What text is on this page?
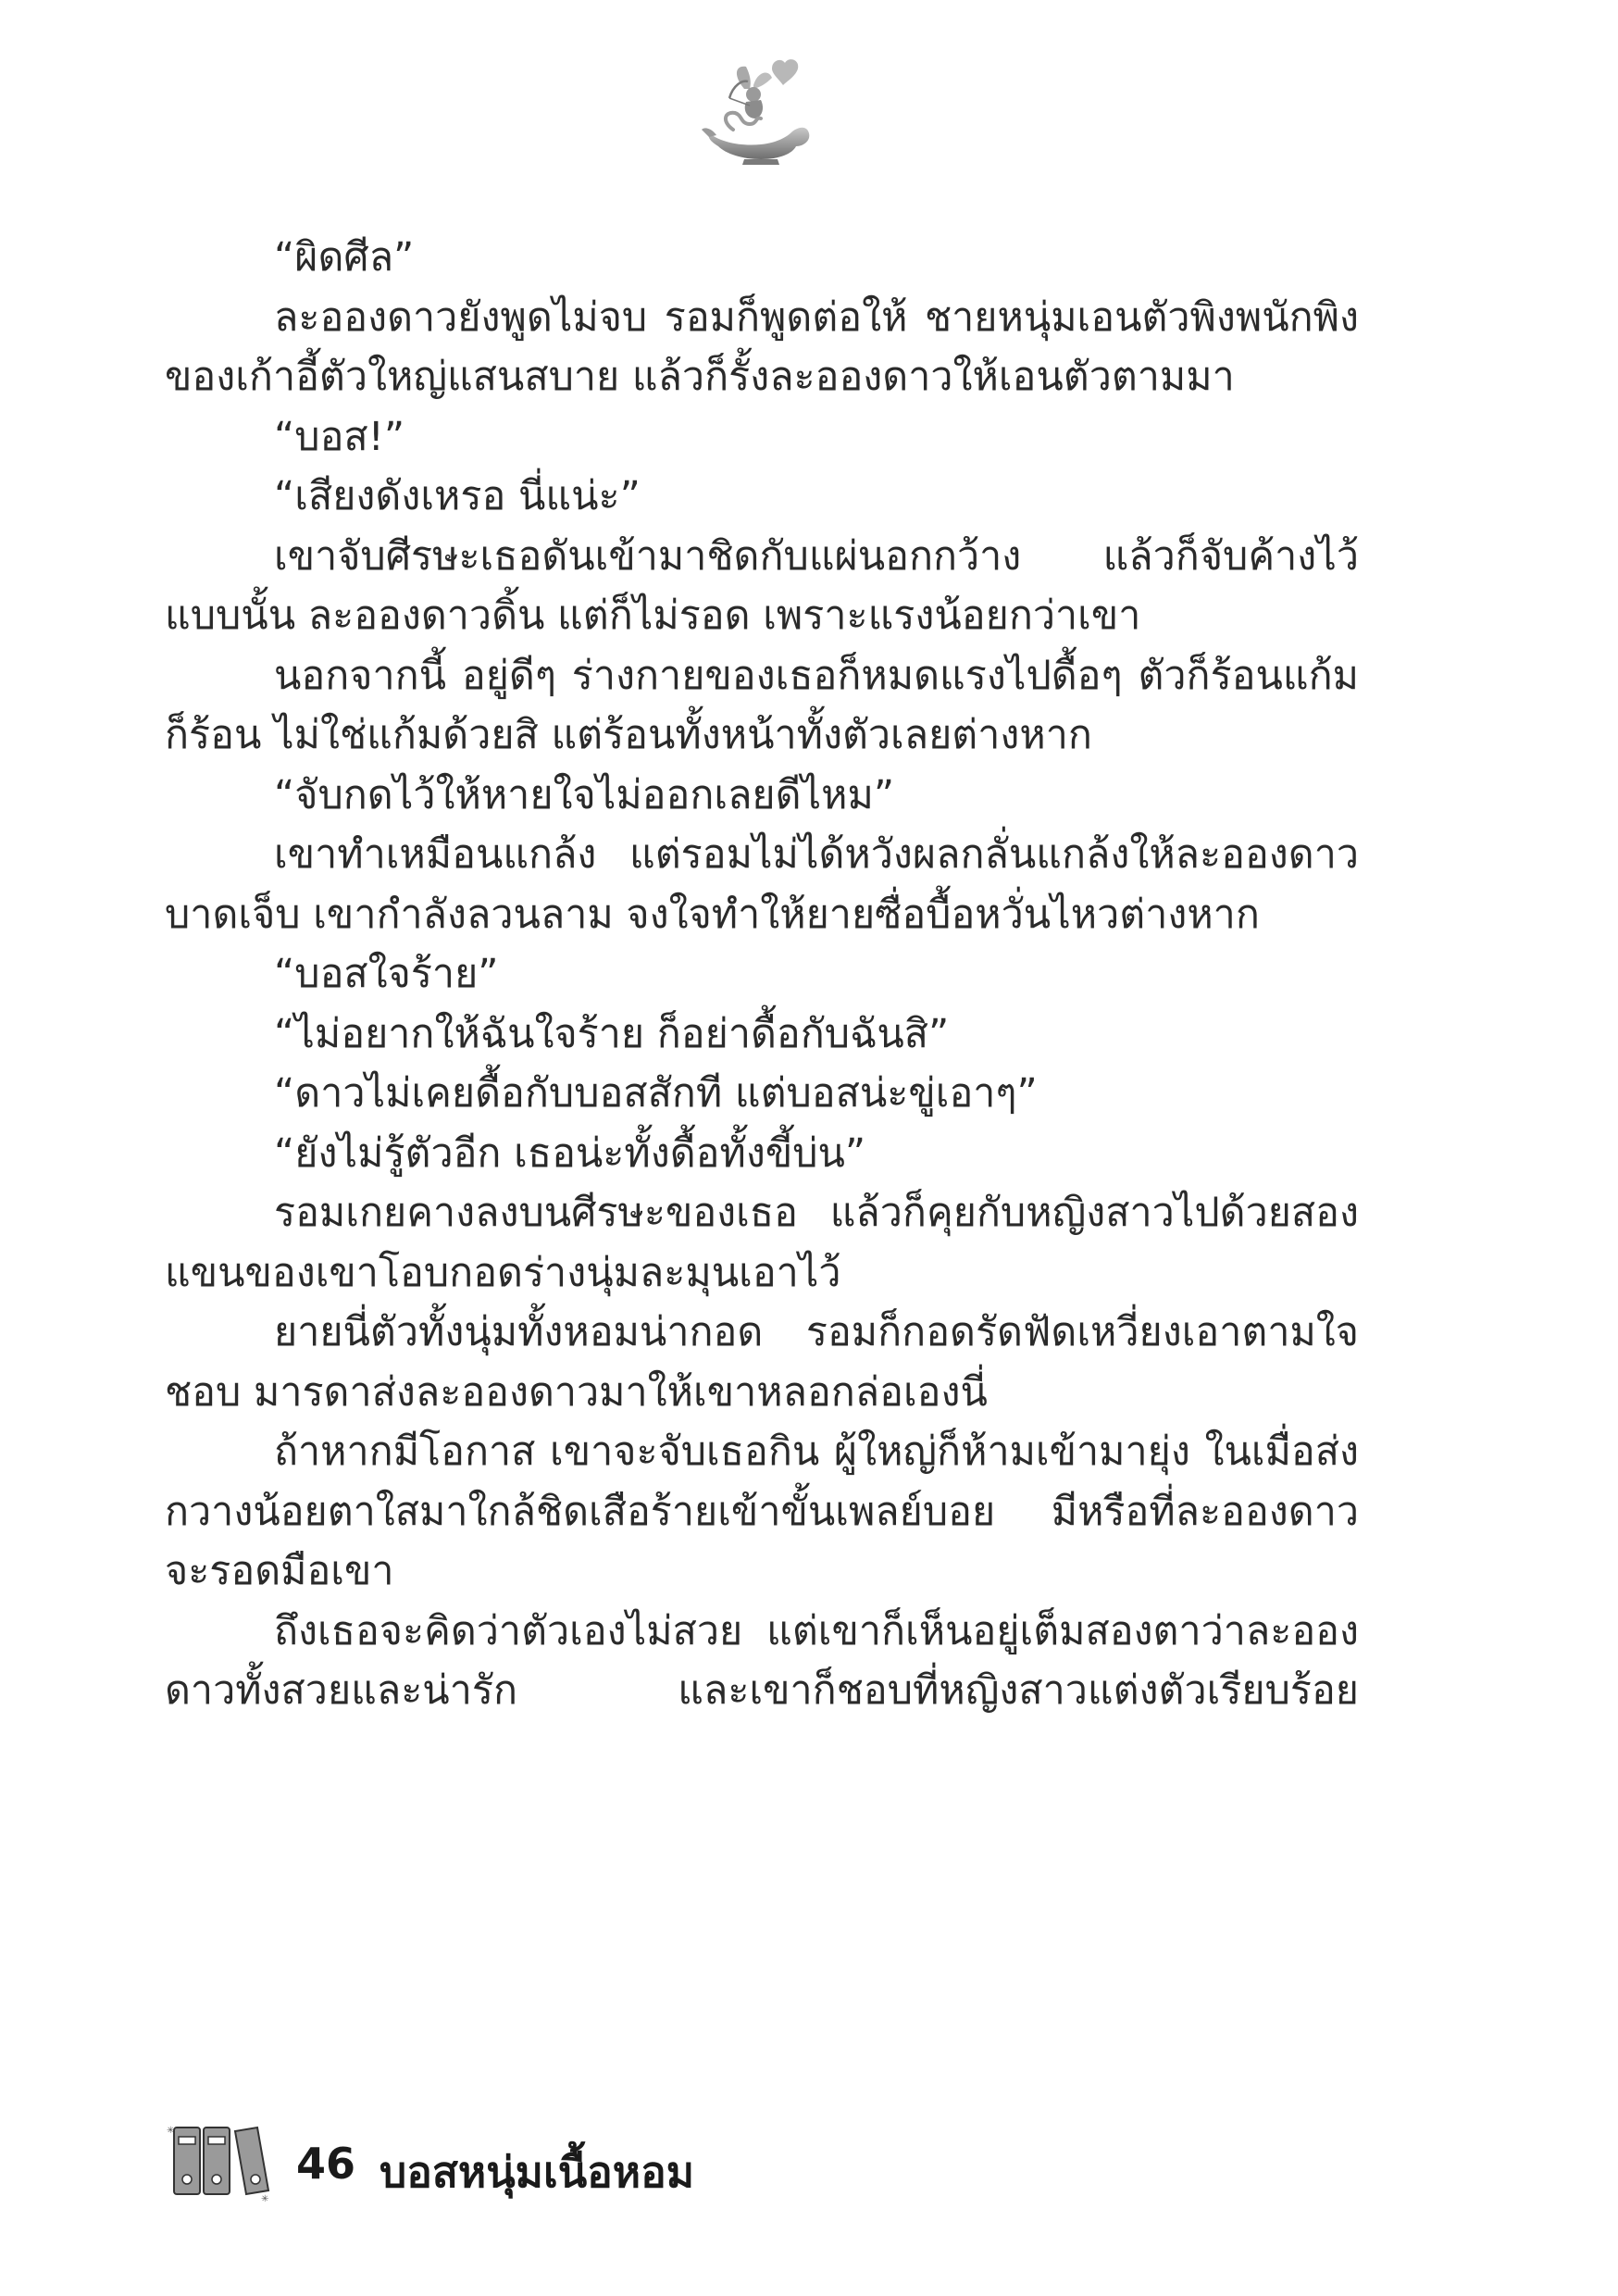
“ผิดศีล”

ละอองดาวยังพูดไม่จบ รอมก็พูดต่อให้ ชายหนุ่มเอนตัวพิงพนักพิงของเก้าอี้ตัวใหญ่แสนสบาย แล้วก็รั้งละอองดาวให้เอนตัวตามมา

“บอส!”

“เสียงดังเหรอ นี่แน่ะ”

เขาจับศีรษะเธอดันเข้ามาชิดกับแผ่นอกกว้าง แล้วก็จับค้างไว้แบบนั้น ละอองดาวดิ้น แต่ก็ไม่รอด เพราะแรงน้อยกว่าเขา

นอกจากนี้ อยู่ดีๆ ร่างกายของเธอก็หมดแรงไปดื้อๆ ตัวก็ร้อนแก้มก็ร้อน ไม่ใช่แก้มด้วยสิ แต่ร้อนทั้งหน้าทั้งตัวเลยต่างหาก

“จับกดไว้ให้หายใจไม่ออกเลยดีไหม”

เขาทำเหมือนแกล้ง แต่รอมไม่ได้หวังผลกลั่นแกล้งให้ละอองดาวบาดเจ็บ เขากำลังลวนลาม จงใจทำให้ยายซื่อบื้อหวั่นไหวต่างหาก

“บอสใจร้าย”

“ไม่อยากให้ฉันใจร้าย ก็อย่าดื้อกับฉันสิ”

“ดาวไม่เคยดื้อกับบอสสักที แต่บอสน่ะขู่เอาๆ”

“ยังไม่รู้ตัวอีก เธอน่ะทั้งดื้อทั้งขี้บ่น”

รอมเกยคางลงบนศีรษะของเธอ แล้วก็คุยกับหญิงสาวไปด้วยสองแขนของเขาโอบกอดร่างนุ่มละมุนเอาไว้

ยายนี่ตัวทั้งนุ่มทั้งหอมน่ากอด รอมก็กอดรัดฟัดเหวี่ยงเอาตามใจชอบ มารดาส่งละอองดาวมาให้เขาหลอกล่อเองนี่

ถ้าหากมีโอกาส เขาจะจับเธอกิน ผู้ใหญ่ก็ห้ามเข้ามายุ่ง ในเมื่อส่งกวางน้อยตาใสมาใกล้ชิดเสือร้ายเข้าขั้นเพลย์บอย มีหรือที่ละอองดาวจะรอดมือเขา

ถึงเธอจะคิดว่าตัวเองไม่สวย แต่เขาก็เห็นอยู่เต็มสองตาว่าละอองดาวทั้งสวยและน่ารัก และเขาก็ชอบที่หญิงสาวแต่งตัวเรียบร้อย

✳
✳
46 บอสหนุ่มเนื้อหอม
